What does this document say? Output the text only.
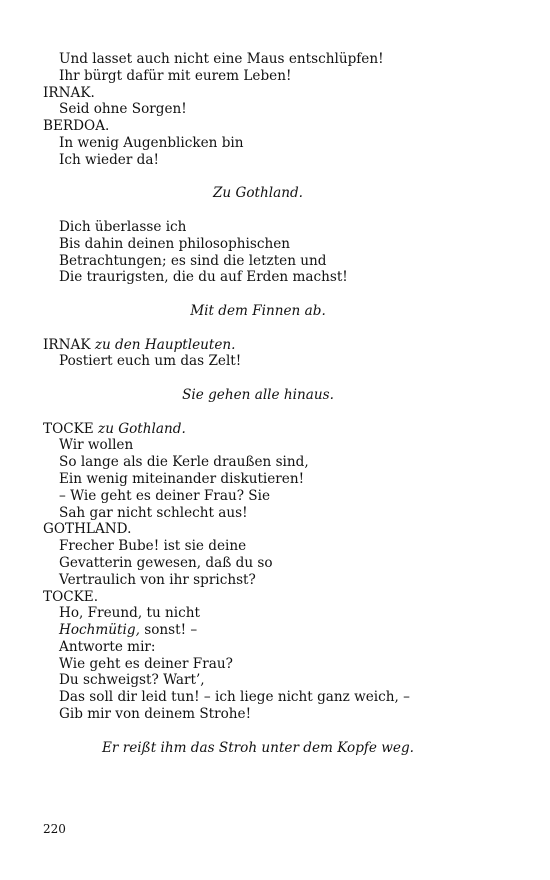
Und lasset auch nicht eine Maus entschlüpfen!
Ihr bürgt dafür mit eurem Leben!
IRNAK.
Seid ohne Sorgen!
BERDOA.
In wenig Augenblicken bin
Ich wieder da!
Zu Gothland.
Dich überlasse ich
Bis dahin deinen philosophischen
Betrachtungen; es sind die letzten und
Die traurigsten, die du auf Erden machst!
Mit dem Finnen ab.
IRNAK zu den Hauptleuten.
Postiert euch um das Zelt!
Sie gehen alle hinaus.
TOCKE zu Gothland.
Wir wollen
So lange als die Kerle draußen sind,
Ein wenig miteinander diskutieren!
– Wie geht es deiner Frau? Sie
Sah gar nicht schlecht aus!
GOTHLAND.
Frecher Bube! ist sie deine
Gevatterin gewesen, daß du so
Vertraulich von ihr sprichst?
TOCKE.
Ho, Freund, tu nicht
Hochmütig, sonst! –
Antworte mir:
Wie geht es deiner Frau?
Du schweigst? Wart’,
Das soll dir leid tun! – ich liege nicht ganz weich, –
Gib mir von deinem Strohe!
Er reißt ihm das Stroh unter dem Kopfe weg.
220
